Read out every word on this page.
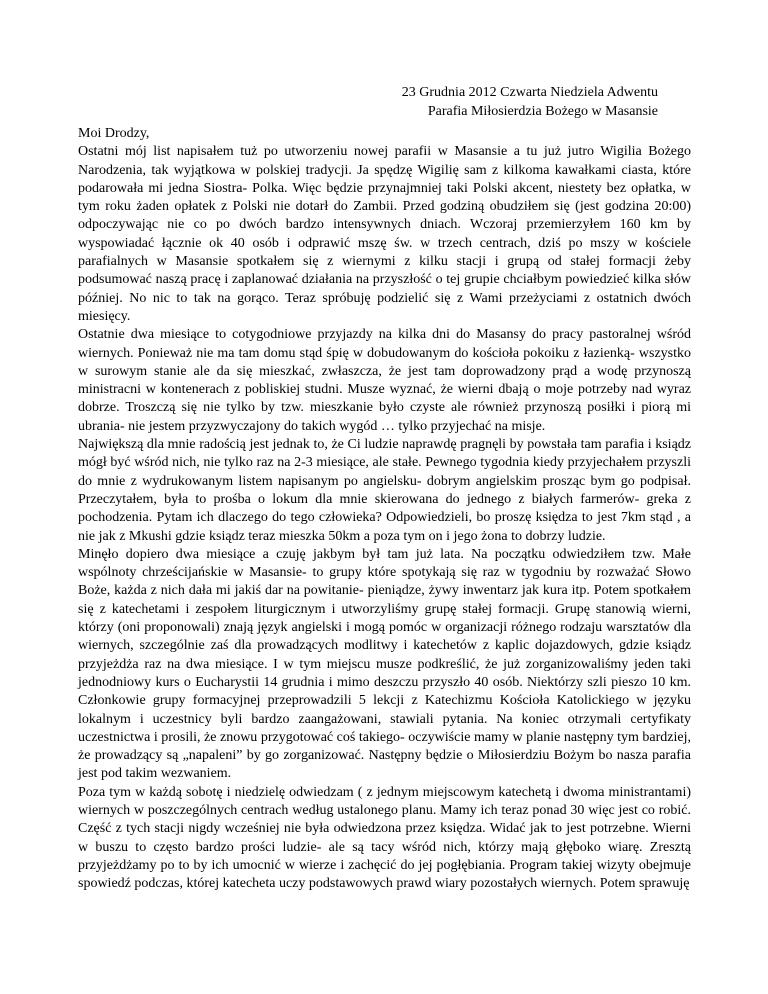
23 Grudnia 2012 Czwarta Niedziela Adwentu
Parafia Miłosierdzia Bożego w Masansie

Moi Drodzy,

Ostatni mój list napisałem tuż po utworzeniu nowej parafii w Masansie a tu już jutro Wigilia Bożego Narodzenia, tak wyjątkowa w polskiej tradycji. Ja spędzę Wigilię sam z kilkoma kawałkami ciasta, które podarowała mi jedna Siostra- Polka. Więc będzie przynajmniej taki Polski akcent, niestety bez opłatka, w tym roku żaden opłatek z Polski nie dotarł do Zambii. Przed godziną obudziłem się (jest godzina 20:00) odpoczywając nie co po dwóch bardzo intensywnych dniach. Wczoraj przemierzyłem 160 km by wyspowiadać łącznie ok 40 osób i odprawić mszę św. w trzech centrach, dziś po mszy w kościele parafialnych w Masansie spotkałem się z wiernymi z kilku stacji i grupą od stałej formacji żeby podsumować naszą pracę i zaplanować działania na przyszłość o tej grupie chciałbym powiedzieć kilka słów później. No nic to tak na gorąco. Teraz spróbuję podzielić się z Wami przeżyciami z ostatnich dwóch miesięcy.

Ostatnie dwa miesiące to cotygodniowe przyjazdy na kilka dni do Masansy do pracy pastoralnej wśród wiernych. Ponieważ nie ma tam domu stąd śpię w dobudowanym do kościoła pokoiku z łazienką- wszystko w surowym stanie ale da się mieszkać, zwłaszcza, że jest tam doprowadzony prąd a wodę przynoszą ministracni w kontenerach z pobliskiej studni. Musze wyznać, że wierni dbają o moje potrzeby nad wyraz dobrze. Troszczą się nie tylko by tzw. mieszkanie było czyste ale również przynoszą posiłki i piorą mi ubrania- nie jestem przyzwyczajony do takich wygód … tylko przyjechać na misje.

Największą dla mnie radością jest jednak to, że Ci ludzie naprawdę pragnęli by powstała tam parafia i ksiądz mógł być wśród nich, nie tylko raz na 2-3 miesiące, ale stałe. Pewnego tygodnia kiedy przyjechałem przyszli do mnie z wydrukowanym listem napisanym po angielsku- dobrym angielskim prosząc bym go podpisał. Przeczytałem, była to prośba o lokum dla mnie skierowana do jednego z białych farmerów- greka z pochodzenia. Pytam ich dlaczego do tego człowieka? Odpowiedzieli, bo proszę księdza to jest 7km stąd , a nie jak z Mkushi gdzie ksiądz teraz mieszka 50km a poza tym on i jego żona to dobrzy ludzie.

Minęło dopiero dwa miesiące a czuję jakbym był tam już lata. Na początku odwiedziłem tzw. Małe wspólnoty chrześcijańskie w Masansie- to grupy które spotykają się raz w tygodniu by rozważać Słowo Boże, każda z nich dała mi jakiś dar na powitanie- pieniądze, żywy inwentarz jak kura itp. Potem spotkałem się z katechetami i zespołem liturgicznym i utworzyliśmy grupę stałej formacji. Grupę stanowią wierni, którzy (oni proponowali) znają język angielski i mogą pomóc w organizacji różnego rodzaju warsztatów dla wiernych, szczególnie zaś dla prowadzących modlitwy i katechetów z kaplic dojazdowych, gdzie ksiądz przyjeżdża raz na dwa miesiące. I w tym miejscu musze podkreślić, że już zorganizowaliśmy jeden taki jednodniowy kurs o Eucharystii 14 grudnia i mimo deszczu przyszło 40 osób. Niektórzy szli pieszo 10 km. Członkowie grupy formacyjnej przeprowadzili 5 lekcji z Katechizmu Kościoła Katolickiego w języku lokalnym i uczestnicy byli bardzo zaangażowani, stawiali pytania. Na koniec otrzymali certyfikaty uczestnictwa i prosili, że znowu przygotować coś takiego- oczywiście mamy w planie następny tym bardziej, że prowadzący są „napaleni” by go zorganizować. Następny będzie o Miłosierdziu Bożym bo nasza parafia jest pod takim wezwaniem.

Poza tym w każdą sobotę i niedzielę odwiedzam ( z jednym miejscowym katechetą i dwoma ministrantami) wiernych w poszczególnych centrach według ustalonego planu. Mamy ich teraz ponad 30 więc jest co robić. Część z tych stacji nigdy wcześniej nie była odwiedzona przez księdza. Widać jak to jest potrzebne. Wierni w buszu to często bardzo prości ludzie- ale są tacy wśród nich, którzy mają głęboko wiarę. Zresztą przyjeżdżamy po to by ich umocnić w wierze i zachęcić do jej pogłębiania. Program takiej wizyty obejmuje spowiedź podczas, której katecheta uczy podstawowych prawd wiary pozostałych wiernych. Potem sprawuję
